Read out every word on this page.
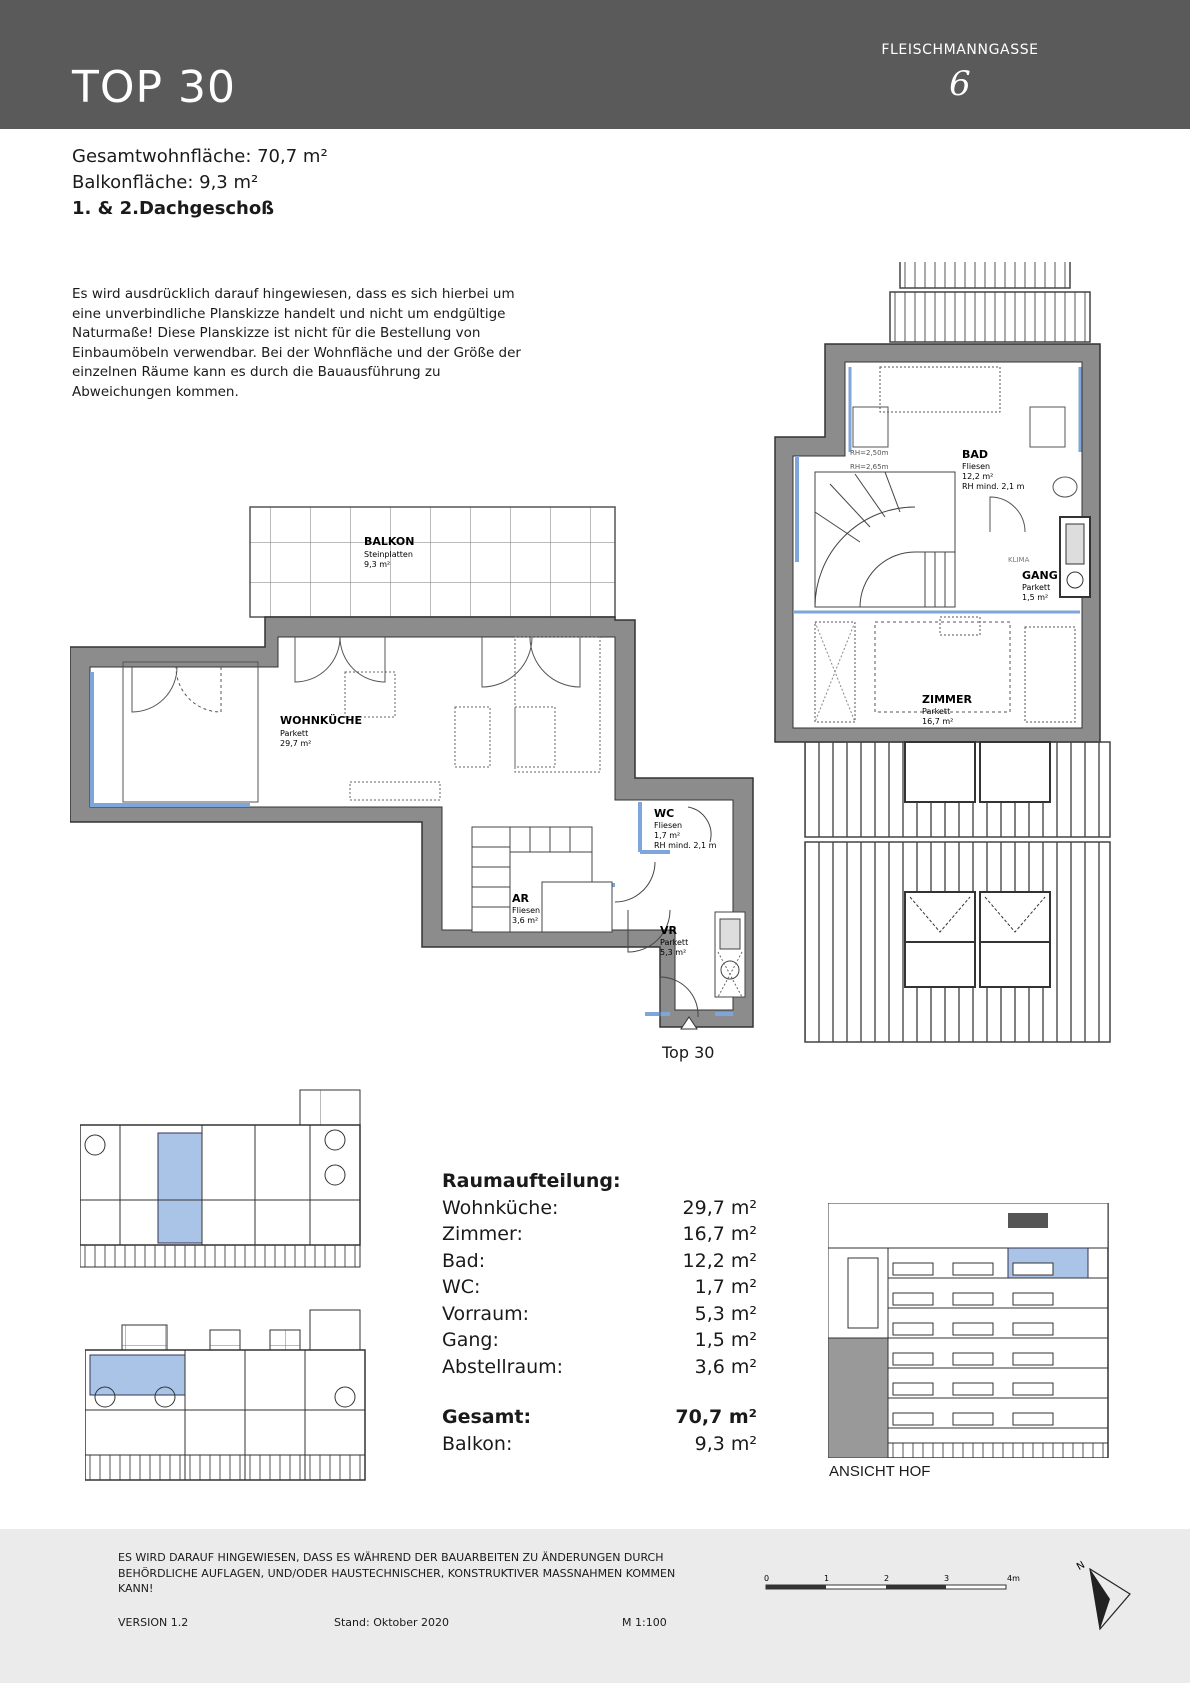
TOP 30
FLEISCHMANNGASSE
6
Gesamtwohnfläche: 70,7 m²
Balkonfläche: 9,3 m²
1. & 2.Dachgeschoß
Es wird ausdrücklich darauf hingewiesen, dass es sich hierbei um eine unverbindliche Planskizze handelt und nicht um endgültige Naturmaße! Diese Planskizze ist nicht für die Bestellung von Einbaumöbeln verwendbar. Bei der Wohnfläche und der Größe der einzelnen Räume kann es durch die Bauausführung zu Abweichungen kommen.
BALKON
Steinplatten
9,3 m²
WOHNKÜCHE
Parkett
29,7 m²
WC
Fliesen
1,7 m²
RH mind. 2,1 m
AR
Fliesen
3,6 m²
VR
Parkett
5,3 m²
BAD
Fliesen
12,2 m²
RH mind. 2,1 m
GANG
Parkett
1,5 m²
ZIMMER
Parkett
16,7 m²
KLIMA
RH=2,50m
RH=2,65m
Top 30
Raumaufteilung:
Wohnküche:	29,7 m²
Zimmer:	16,7 m²
Bad:	12,2 m²
WC:	1,7 m²
Vorraum:	5,3 m²
Gang:	1,5 m²
Abstellraum:	3,6 m²
Gesamt:	70,7 m²
Balkon:	9,3 m²
ANSICHT HOF
ES WIRD DARAUF HINGEWIESEN, DASS ES WÄHREND DER BAUARBEITEN ZU ÄNDERUNGEN DURCH BEHÖRDLICHE AUFLAGEN, UND/ODER HAUSTECHNISCHER, KONSTRUKTIVER MASSNAHMEN KOMMEN KANN!
VERSION 1.2	Stand: Oktober 2020	M 1:100
0	1	2	3	4m
N
